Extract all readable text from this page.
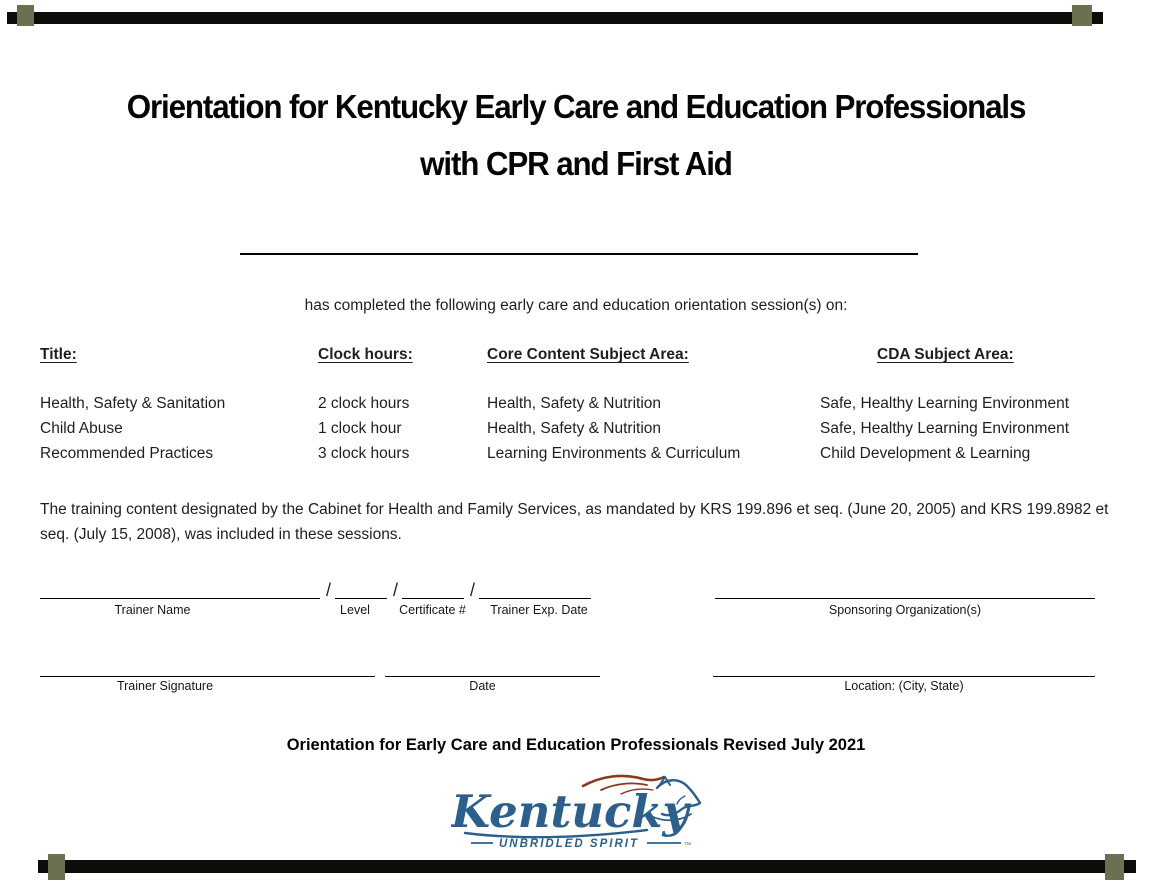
Orientation for Kentucky Early Care and Education Professionals
with CPR and First Aid
has completed the following early care and education orientation session(s) on:
Title:	Clock hours:	Core Content Subject Area:	CDA Subject Area:
Health, Safety & Sanitation	2 clock hours	Health, Safety & Nutrition	Safe, Healthy Learning Environment
Child Abuse	1 clock hour	Health, Safety & Nutrition	Safe, Healthy Learning Environment
Recommended Practices	3 clock hours	Learning Environments & Curriculum	Child Development & Learning
The training content designated by the Cabinet for Health and Family Services, as mandated by KRS 199.896 et seq. (June 20, 2005) and KRS 199.8982 et seq. (July 15, 2008), was included in these sessions.
/	/	/
Trainer Name	Level	Certificate #	Trainer Exp. Date	Sponsoring Organization(s)
Trainer Signature	Date	Location: (City, State)
Orientation for Early Care and Education Professionals Revised July 2021
Kentucky
UNBRIDLED SPIRIT	™
